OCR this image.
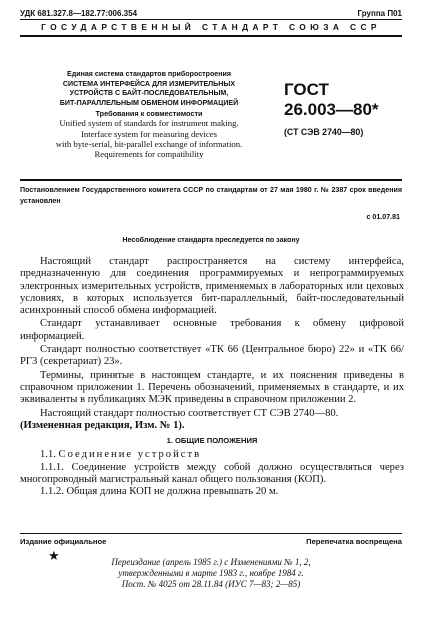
УДК 681.327.8—182.77:006.354	Группа П01
ГОСУДАРСТВЕННЫЙ СТАНДАРТ СОЮЗА ССР
Единая система стандартов приборостроения
СИСТЕМА ИНТЕРФЕЙСА ДЛЯ ИЗМЕРИТЕЛЬНЫХ
УСТРОЙСТВ С БАЙТ-ПОСЛЕДОВАТЕЛЬНЫМ,
БИТ-ПАРАЛЛЕЛЬНЫМ ОБМЕНОМ ИНФОРМАЦИЕЙ
Требования к совместимости
Unified system of standards for instrument making.
Interface system for measuring devices
with byte-serial, bit-parallel exchange of information.
Requirements for compatibility
ГОСТ
26.003—80*
(СТ СЭВ 2740—80)
Постановлением Государственного комитета СССР по стандартам от 27 мая 1980 г. № 2387 срок введения установлен
с 01.07.81
Несоблюдение стандарта преследуется по закону

Настоящий стандарт распространяется на систему интерфейса, предназначенную для соединения программируемых и непрограммируемых электронных измерительных устройств, применяемых в лабораторных или цеховых условиях, в которых используется бит-параллельный, байт-последовательный асинхронный способ обмена информацией.

Стандарт устанавливает основные требования к обмену цифровой информацией.

Стандарт полностью соответствует «ТК 66 (Центральное бюро) 22» и «ТК 66/РГ3 (секретариат) 23».

Термины, принятые в настоящем стандарте, и их пояснения приведены в справочном приложении 1. Перечень обозначений, применяемых в стандарте, и их эквиваленты в публикациях МЭК приведены в справочном приложении 2.

Настоящий стандарт полностью соответствует СТ СЭВ 2740—80.

(Измененная редакция, Изм. № 1).

1. ОБЩИЕ ПОЛОЖЕНИЯ

1.1. Соединение устройств

1.1.1. Соединение устройств между собой должно осуществляться через многопроводный магистральный канал общего пользования (КОП).

1.1.2. Общая длина КОП не должна превышать 20 м.

Издание официальное	Перепечатка воспрещена
★	Переиздание (апрель 1985 г.) с Изменениями № 1, 2,
утвержденными в марте 1983 г., ноябре 1984 г.
Пост. № 4025 от 28.11.84 (ИУС 7—83; 2—85)
